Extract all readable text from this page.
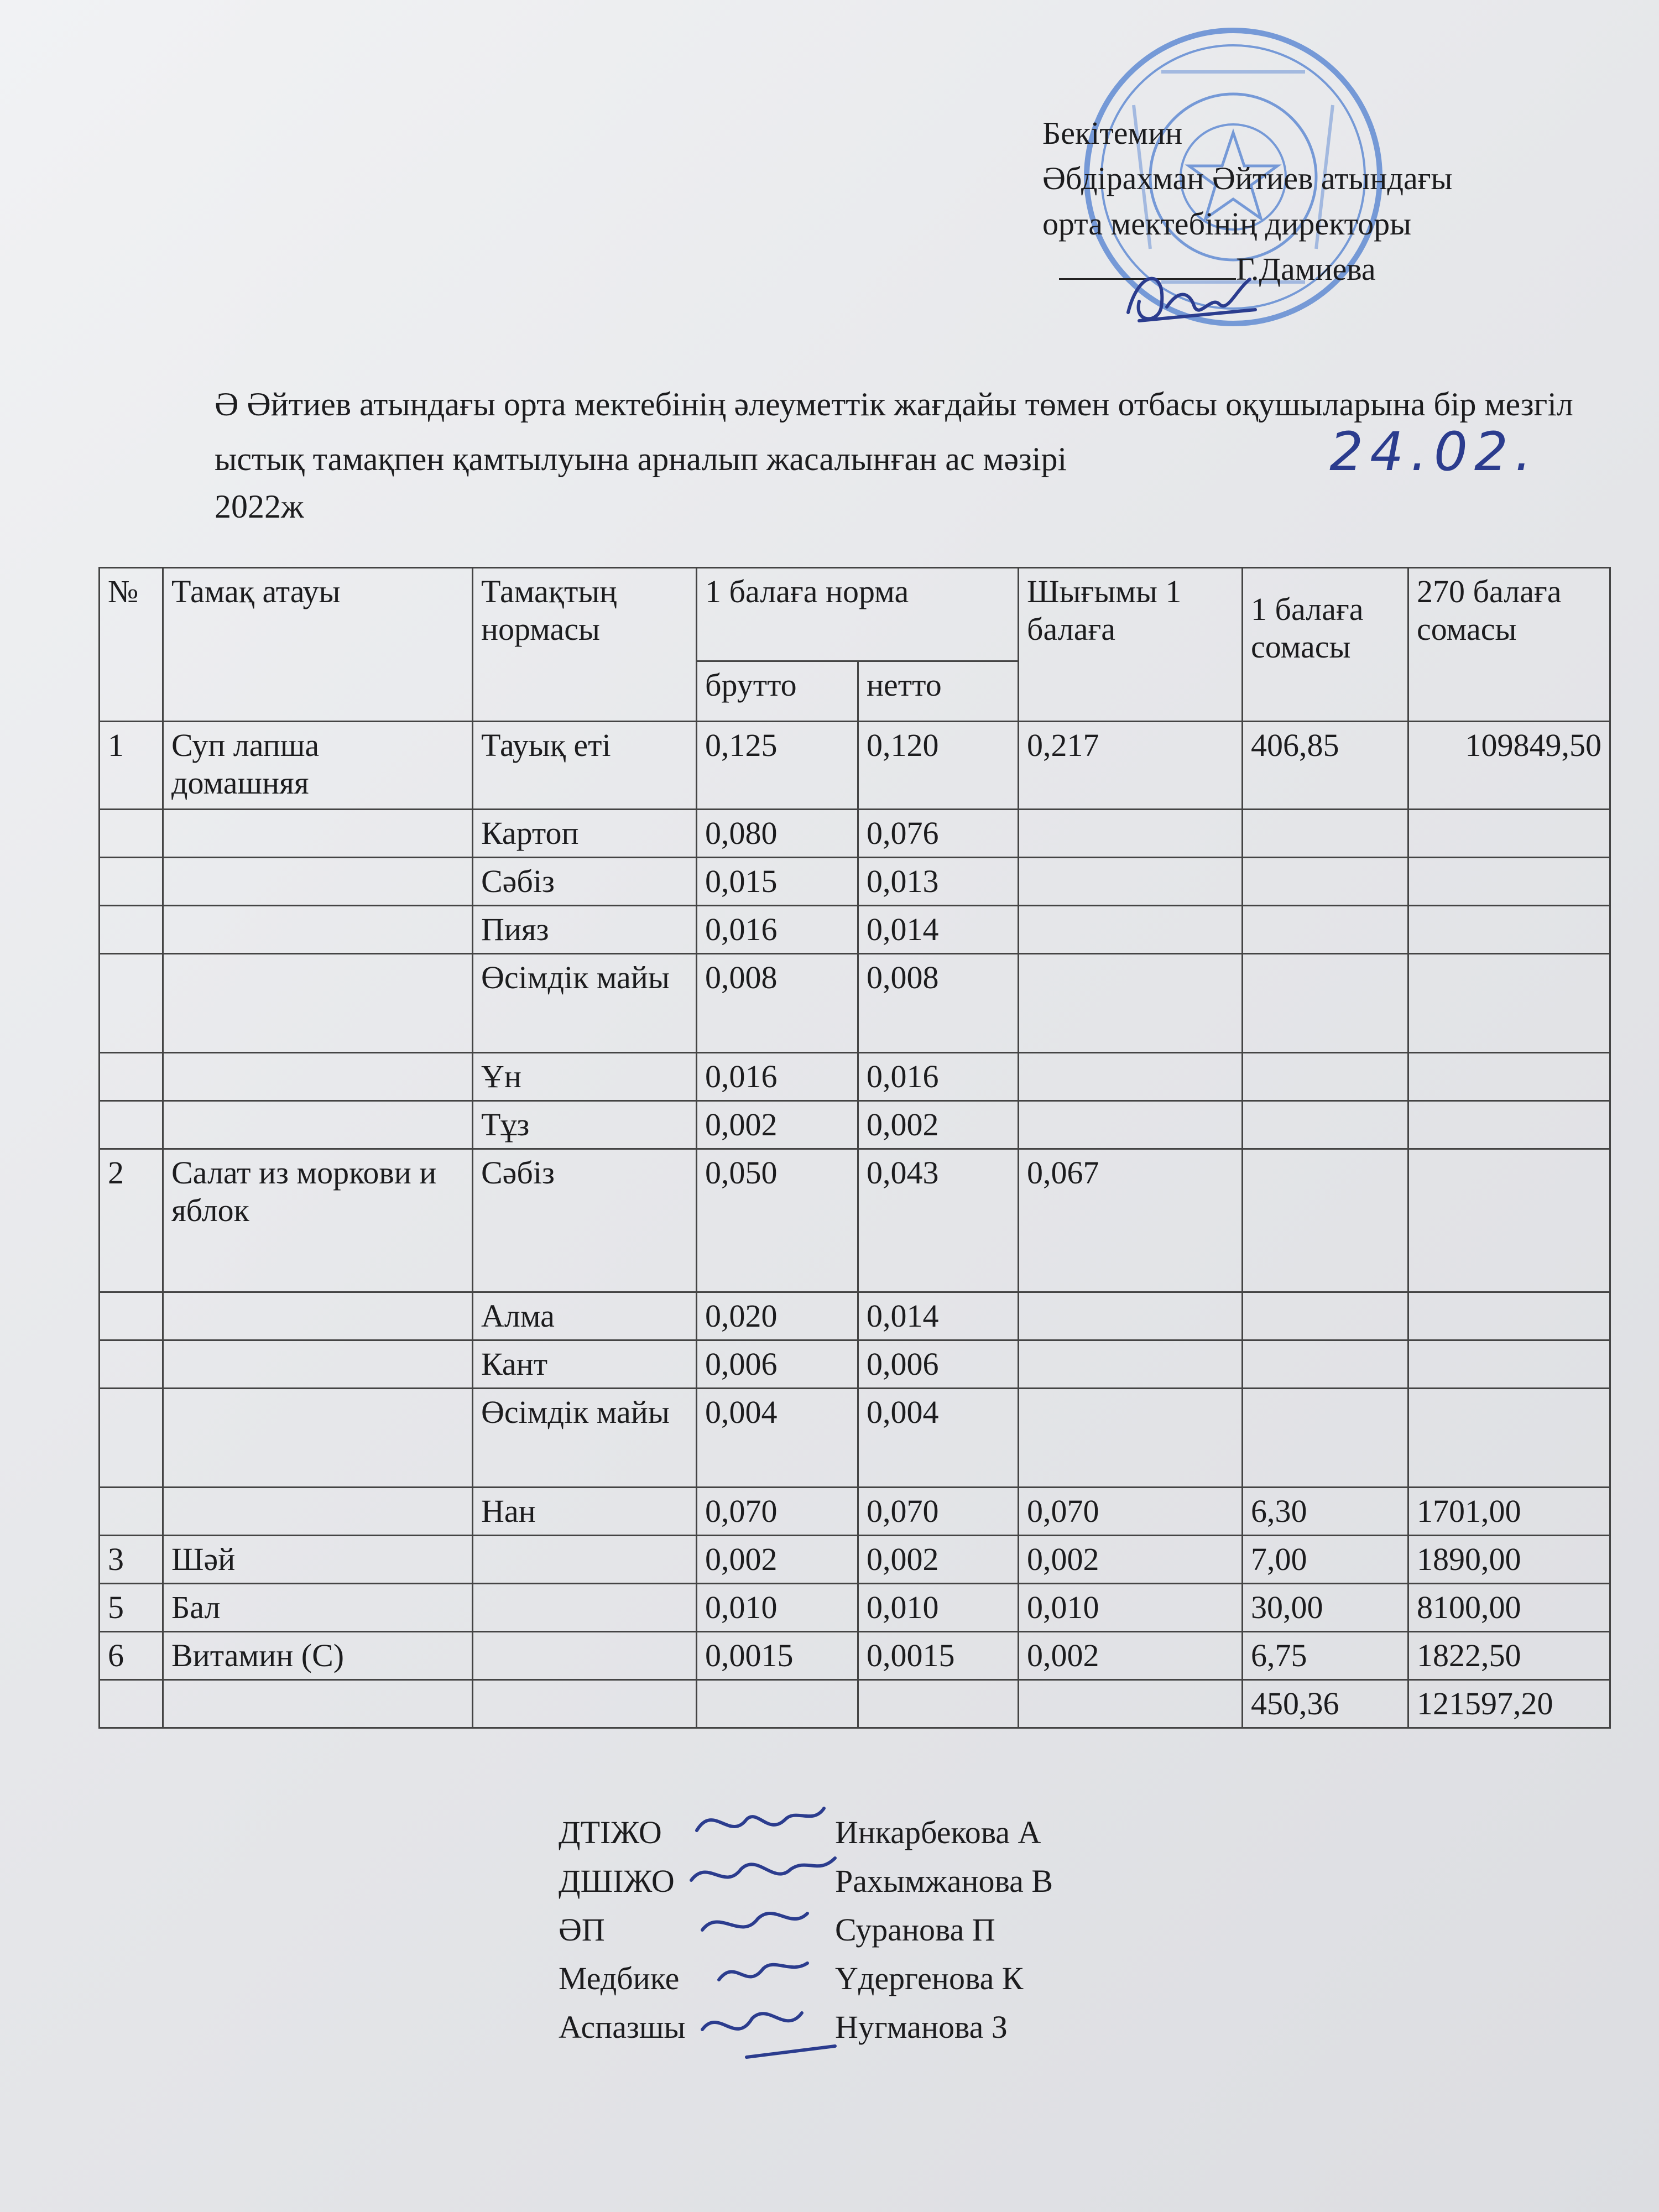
Бекітемин
Әбдірахман Әйтиев атындағы
орта мектебінің директоры
Г.Дамиева
Ә Әйтиев атындағы орта мектебінің әлеуметтік жағдайы төмен отбасы оқушыларына бір мезгіл ыстық тамақпен қамтылуына арналып жасалынған ас мәзірі	24.02. 2022ж
№	Тамақ атауы	Тамақтың нормасы	1 балаға норма		Шығымы 1 балаға	1 балаға сомасы	270 балаға сомасы
			брутто	нетто			
1	Суп лапша домашняя	Тауық еті	0,125	0,120	0,217	406,85	109849,50
		Картоп	0,080	0,076			
		Сәбіз	0,015	0,013			
		Пияз	0,016	0,014			
		Өсімдік майы	0,008	0,008			
		Ұн	0,016	0,016			
		Тұз	0,002	0,002			
2	Салат из моркови и яблок	Сәбіз	0,050	0,043	0,067		
		Алма	0,020	0,014			
		Кант	0,006	0,006			
		Өсімдік майы	0,004	0,004			
		Нан	0,070	0,070	0,070	6,30	1701,00
3	Шәй		0,002	0,002	0,002	7,00	1890,00
5	Бал		0,010	0,010	0,010	30,00	8100,00
6	Витамин (С)		0,0015	0,0015	0,002	6,75	1822,50
						450,36	121597,20
ДТІЖО	Инкарбекова А
ДШІЖО	Рахымжанова В
ӘП	Суранова П
Медбике	Үдергенова К
Аспазшы	Нугманова З
